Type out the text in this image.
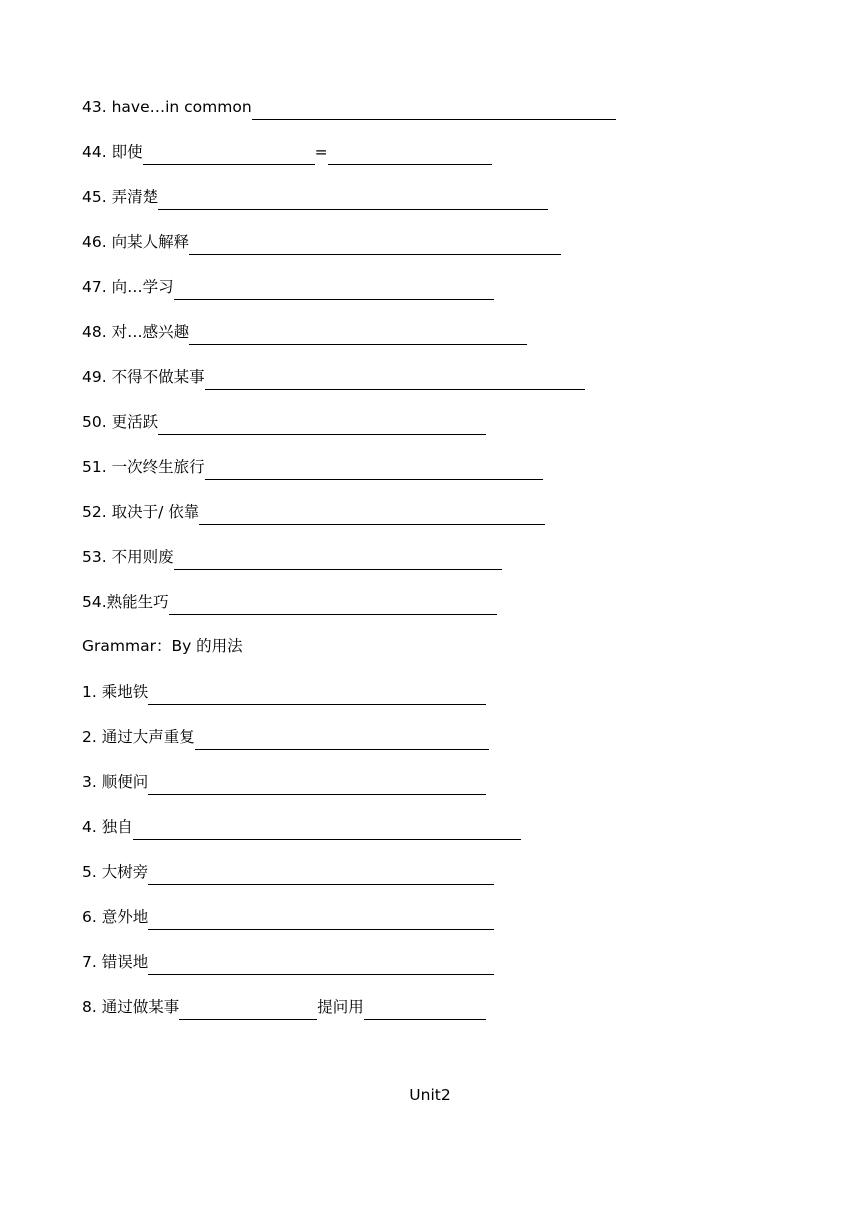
43. have…in common
44. 即使	=
45. 弄清楚
46. 向某人解释
47. 向…学习
48. 对…感兴趣
49. 不得不做某事
50. 更活跃
51. 一次终生旅行
52. 取决于/ 依靠
53. 不用则废
54.熟能生巧
Grammar：By 的用法
1. 乘地铁
2. 通过大声重复
3. 顺便问
4. 独自
5. 大树旁
6. 意外地
7. 错误地
8. 通过做某事	提问用
Unit2
